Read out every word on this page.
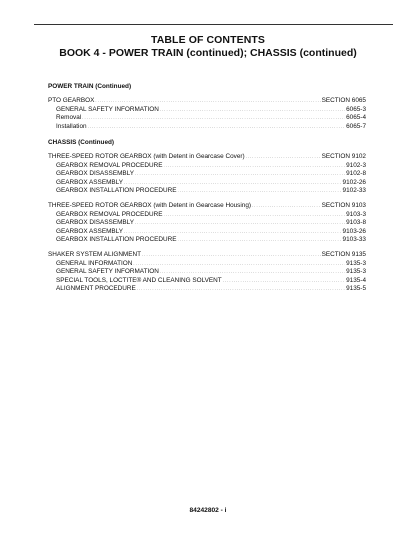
TABLE OF CONTENTS
BOOK 4 - POWER TRAIN (continued); CHASSIS (continued)
POWER TRAIN (Continued)
PTO GEARBOX . . .	SECTION 6065
GENERAL SAFETY INFORMATION . . .	6065-3
Removal . . .	6065-4
Installation . . .	6065-7
CHASSIS (Continued)
THREE-SPEED ROTOR GEARBOX (with Detent in Gearcase Cover) . . .	SECTION 9102
GEARBOX REMOVAL PROCEDURE . . .	9102-3
GEARBOX DISASSEMBLY . . .	9102-8
GEARBOX ASSEMBLY . . .	9102-26
GEARBOX INSTALLATION PROCEDURE . . .	9102-33
THREE-SPEED ROTOR GEARBOX (with Detent in Gearcase Housing) . . .	SECTION 9103
GEARBOX REMOVAL PROCEDURE . . .	9103-3
GEARBOX DISASSEMBLY . . .	9103-8
GEARBOX ASSEMBLY . . .	9103-26
GEARBOX INSTALLATION PROCEDURE . . .	9103-33
SHAKER SYSTEM ALIGNMENT . . .	SECTION 9135
GENERAL INFORMATION . . .	9135-3
GENERAL SAFETY INFORMATION . . .	9135-3
SPECIAL TOOLS, LOCTITE® AND CLEANING SOLVENT . . .	9135-4
ALIGNMENT PROCEDURE . . .	9135-5
84242802 - i
